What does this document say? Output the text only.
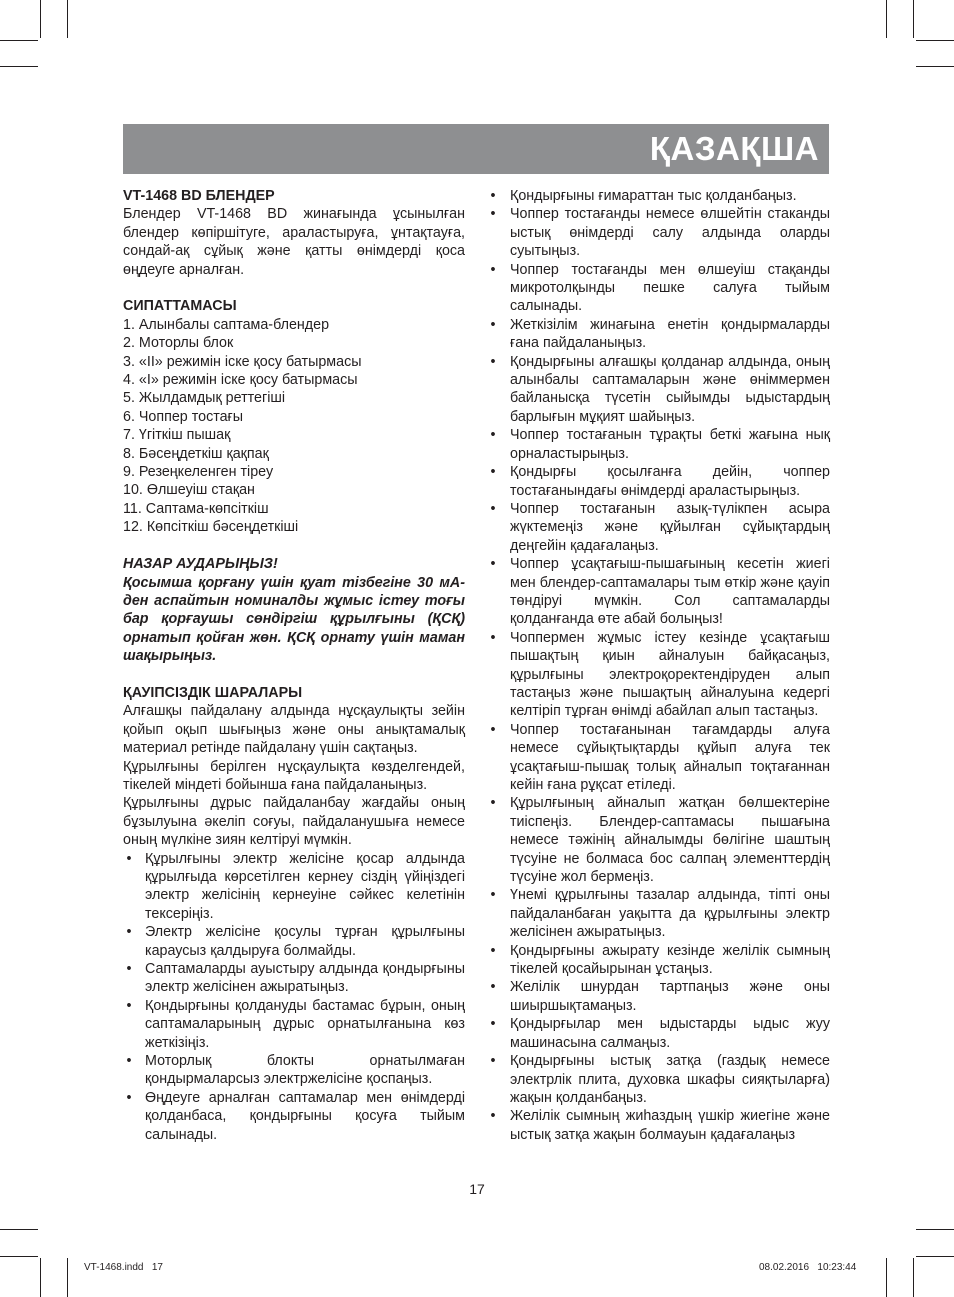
ҚАЗАҚША
VT-1468 BD БЛЕНДЕР

Блендер VT-1468 BD жинағында ұсынылған блендер көпіршітуге, араластыруға, ұнтақтауға, сондай-ақ сұйық және қатты өнімдерді қоса өңдеуге арналған.

СИПАТТАМАСЫ
1. Алынбалы саптама-блендер
2. Моторлы блок
3. «II» режимін іске қосу батырмасы
4. «I» режимін іске қосу батырмасы
5. Жылдамдық реттегіші
6. Чоппер тостағы
7. Үгіткіш пышақ
8. Бәсеңдеткіш қақпақ
9. Резеңкеленген тіреу
10. Өлшеуіш стақан
11. Саптама-көпсіткіш
12. Көпсіткіш бәсеңдеткіші
НАЗАР АУДАРЫҢЫЗ!

Қосымша қорғану үшін қуат тізбегіне 30 мА-ден аспайтын номиналды жұмыс істеу тоғы бар қорғаушы сөндіргіш құрылғыны (ҚСҚ) орнатып қойған жөн. ҚСҚ орнату үшін маман шақырыңыз.

ҚАУІПСІЗДІК ШАРАЛАРЫ

Алғашқы пайдалану алдында нұсқаулықты зейін қойып оқып шығыңыз және оны анықтамалық материал ретінде пайдалану үшін сақтаңыз.

Құрылғыны берілген нұсқаулықта көзделгендей, тікелей міндеті бойынша ғана пайдаланыңыз.

Құрылғыны дұрыс пайдаланбау жағдайы оның бұзылуына әкеліп соғуы, пайдаланушыға немесе оның мүлкіне зиян келтіруі мүмкін.

• Құрылғыны электр желісіне қосар алдында құрылғыда көрсетілген кернеу сіздің үйіңіздегі электр желісінің кернеуіне сәйкес келетінін тексеріңіз.
• Электр желісіне қосулы тұрған құрылғыны караусыз қалдыруға болмайды.
• Саптамаларды ауыстыру алдында қондырғыны электр желісінен ажыратыңыз.
• Қондырғыны қолдануды бастамас бұрын, оның саптамаларының дұрыс орнатылғанына көз жеткізіңіз.
• Моторлық блокты орнатылмаған қондырмаларсыз электржелісіне қоспаңыз.
• Өңдеуге арналған саптамалар мен өнімдерді қолданбаса, қондырғыны қосуға тыйым салынады.
• Қондырғыны ғимараттан тыс қолданбаңыз.
• Чоппер тостағанды немесе өлшейтін стаканды ыстық өнімдерді салу алдында оларды суытыңыз.
• Чоппер тостағанды мен өлшеуіш стақанды микротолқынды пешке салуға тыйым салынады.
• Жеткізілім жинағына енетін қондырмаларды ғана пайдаланыңыз.
• Қондырғыны алғашқы қолданар алдында, оның алынбалы саптамаларын және өніммермен байланысқа түсетін сыйымды ыдыстардың барлығын мұқият шайыңыз.
• Чоппер тостағанын тұрақты беткі жағына нық орналастырыңыз.
• Қондырғы қосылғанға дейін, чоппер тостағанындағы өнімдерді араластырыңыз.
• Чоппер тостағанын азық-түлікпен асыра жүктемеңіз және құйылған сұйықтардың деңгейін қадағалаңыз.
• Чоппер ұсақтағыш-пышағының кесетін жиегі мен блендер-саптамалары тым өткір және қауіп төндіруі мүмкін. Сол саптамаларды қолданғанда өте абай болыңыз!
• Чоппермен жұмыс істеу кезінде ұсақтағыш пышақтың қиын айналуын байқасаңыз, құрылғыны электроқоректендіруден алып тастаңыз және пышақтың айналуына кедергі келтіріп тұрған өнімді абайлап алып тастаңыз.
• Чоппер тостағанынан тағамдарды алуға немесе сұйықтықтарды құйып алуға тек ұсақтағыш-пышақ толық айналып тоқтағаннан кейін ғана рұқсат етіледі.
• Құрылғының айналып жатқан бөлшектеріне тиіспеңіз. Блендер-саптамасы пышағына немесе тәжінің айналымды бөлігіне шаштың түсуіне не болмаса бос салпаң элементтердің түсуіне жол бермеңіз.
• Үнемі құрылғыны тазалар алдында, тіпті оны пайдаланбаған уақытта да құрылғыны электр желісінен ажыратыңыз.
• Қондырғыны ажырату кезінде желілік сымның тікелей қосайырынан ұстаңыз.
• Желілік шнурдан тартпаңыз және оны шиыршықтамаңыз.
• Қондырғылар мен ыдыстарды ыдыс жуу машинасына салмаңыз.
• Қондырғыны ыстық затқа (газдық немесе электрлік плита, духовка шкафы сияқтыларға) жақын қолданбаңыз.
• Желілік сымның жиһаздың үшкір жиегіне және ыстық затқа жақын болмауын қадағалаңыз
17
VT-1468.indd   17	08.02.2016   10:23:44
